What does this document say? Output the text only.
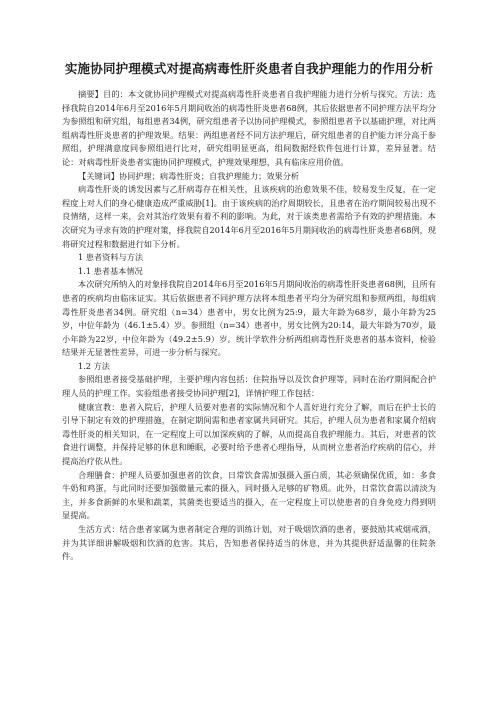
实施协同护理模式对提高病毒性肝炎患者自我护理能力的作用分析

摘要】目的：本文就协同护理模式对提高病毒性肝炎患者自我护理能力进行分析与探究。方法：选择我院自2014年6月至2016年5月期间收治的病毒性肝炎患者68例，其后依据患者不同护理方法平均分为参照组和研究组，每组患者34例，研究组患者予以协同护理模式，参照组患者予以基础护理，对比两组病毒性肝炎患者的护理效果。结果：两组患者经不同方法护理后，研究组患者的自护能力评分高于参照组，护理满意度同参照组进行比对，研究组明显更高，组间数据经软件包进行计算，差异显著。结论：对病毒性肝炎患者实施协同护理模式，护理效果理想，具有临床应用价值。

【关键词】协同护理；病毒性肝炎；自我护理能力；效果分析

病毒性肝炎的诱发因素与乙肝病毒存在相关性，且该疾病的治愈效果不佳，较易发生反复，在一定程度上对人们的身心健康造成严重威胁[1]。由于该疾病的治疗周期较长，且患者在治疗期间较易出现不良情绪，这样一来，会对其治疗效果有着不利的影响。为此，对于该类患者需给予有效的护理措施。本次研究为寻求有效的护理对策，择我院自2014年6月至2016年5月期间收治的病毒性肝炎患者68例，现将研究过程和数据进行如下分析。

1 患者资料与方法

1.1 患者基本情况

本次研究所纳入的对象择我院自2014年6月至2016年5月期间收治的病毒性肝炎患者68例，且所有患者的疾病均由临床证实。其后依据患者不同护理方法将本组患者平均分为研究组和参照两组，每组病毒性肝炎患者34例。研究组（n=34）患者中，男女比例为25:9，最大年龄为68岁，最小年龄为25岁，中位年龄为（46.1±5.4）岁。参照组（n=34）患者中，男女比例为20:14，最大年龄为70岁，最小年龄为22岁，中位年龄为（49.2±5.9）岁。统计学软件分析两组病毒性肝炎患者的基本资料，检验结果并无显著性差异，可进一步分析与探究。

1.2 方法

参照组患者接受基础护理，主要护理内容包括：住院指导以及饮食护理等，同时在治疗期间配合护理人员的护理工作。实验组患者接受协同护理[2]，详情护理工作包括：

健康宣教：患者入院后，护理人员要对患者的实际情况和个人喜好进行充分了解，而后在护士长的引导下制定有效的护理措施，在制定期间需和患者家属共同研究。其后，护理人员为患者和家属介绍病毒性肝炎的相关知识，在一定程度上可以加深疾病的了解，从而提高自我护理能力。其后，对患者的饮食进行调整，并保持足够的休息和睡眠，必要时给予患者心理指导，从而树立患者治疗疾病的信心，并提高治疗依从性。

合理膳食：护理人员要加强患者的饮食，日常饮食需加强摄入蛋白质，其必须确保优质，如：多食牛奶和鸡蛋，与此同时还要加强微量元素的摄入，同时摄入足够的矿物质。此外，日常饮食需以清淡为主，并多食新鲜的水果和蔬菜，其菌类也要适当的摄入，在一定程度上可以使患者的自身免疫力得到明显提高。

生活方式：结合患者家属为患者制定合理的训练计划，对于吸烟饮酒的患者，要鼓励其戒烟戒酒，并为其详细讲解吸烟和饮酒的危害。其后，告知患者保持适当的休息，并为其提供舒适温馨的住院条件。
